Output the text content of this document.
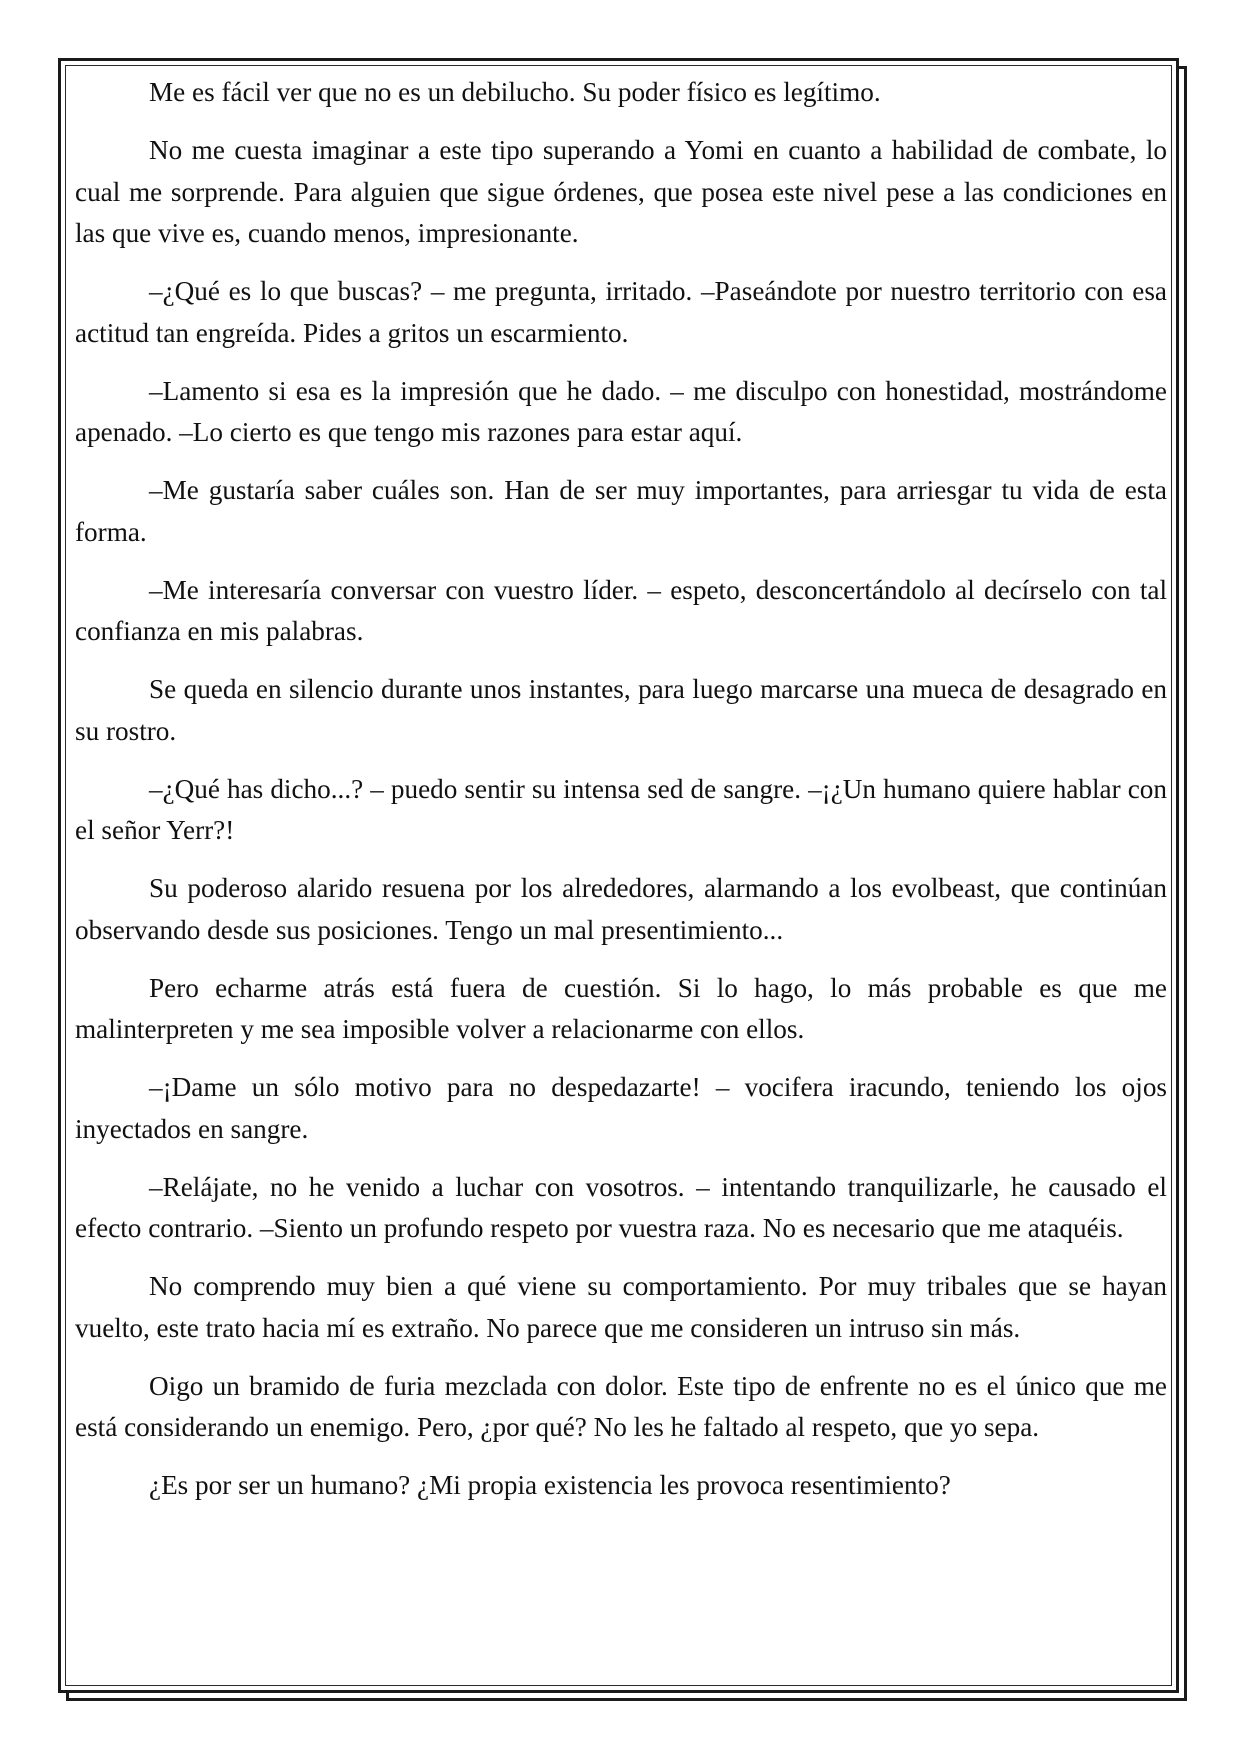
Me es fácil ver que no es un debilucho. Su poder físico es legítimo.

No me cuesta imaginar a este tipo superando a Yomi en cuanto a habilidad de combate, lo cual me sorprende. Para alguien que sigue órdenes, que posea este nivel pese a las condiciones en las que vive es, cuando menos, impresionante.

–¿Qué es lo que buscas? – me pregunta, irritado. –Paseándote por nuestro territorio con esa actitud tan engreída. Pides a gritos un escarmiento.

–Lamento si esa es la impresión que he dado. – me disculpo con honestidad, mostrándome apenado. –Lo cierto es que tengo mis razones para estar aquí.

–Me gustaría saber cuáles son. Han de ser muy importantes, para arriesgar tu vida de esta forma.

–Me interesaría conversar con vuestro líder. – espeto, desconcertándolo al decírselo con tal confianza en mis palabras.

Se queda en silencio durante unos instantes, para luego marcarse una mueca de desagrado en su rostro.

–¿Qué has dicho...? – puedo sentir su intensa sed de sangre. –¡¿Un humano quiere hablar con el señor Yerr?!

Su poderoso alarido resuena por los alrededores, alarmando a los evolbeast, que continúan observando desde sus posiciones. Tengo un mal presentimiento...

Pero echarme atrás está fuera de cuestión. Si lo hago, lo más probable es que me malinterpreten y me sea imposible volver a relacionarme con ellos.

–¡Dame un sólo motivo para no despedazarte! – vocifera iracundo, teniendo los ojos inyectados en sangre.

–Relájate, no he venido a luchar con vosotros. – intentando tranquilizarle, he causado el efecto contrario. –Siento un profundo respeto por vuestra raza. No es necesario que me ataquéis.

No comprendo muy bien a qué viene su comportamiento. Por muy tribales que se hayan vuelto, este trato hacia mí es extraño. No parece que me consideren un intruso sin más.

Oigo un bramido de furia mezclada con dolor. Este tipo de enfrente no es el único que me está considerando un enemigo. Pero, ¿por qué? No les he faltado al respeto, que yo sepa.

¿Es por ser un humano? ¿Mi propia existencia les provoca resentimiento?
